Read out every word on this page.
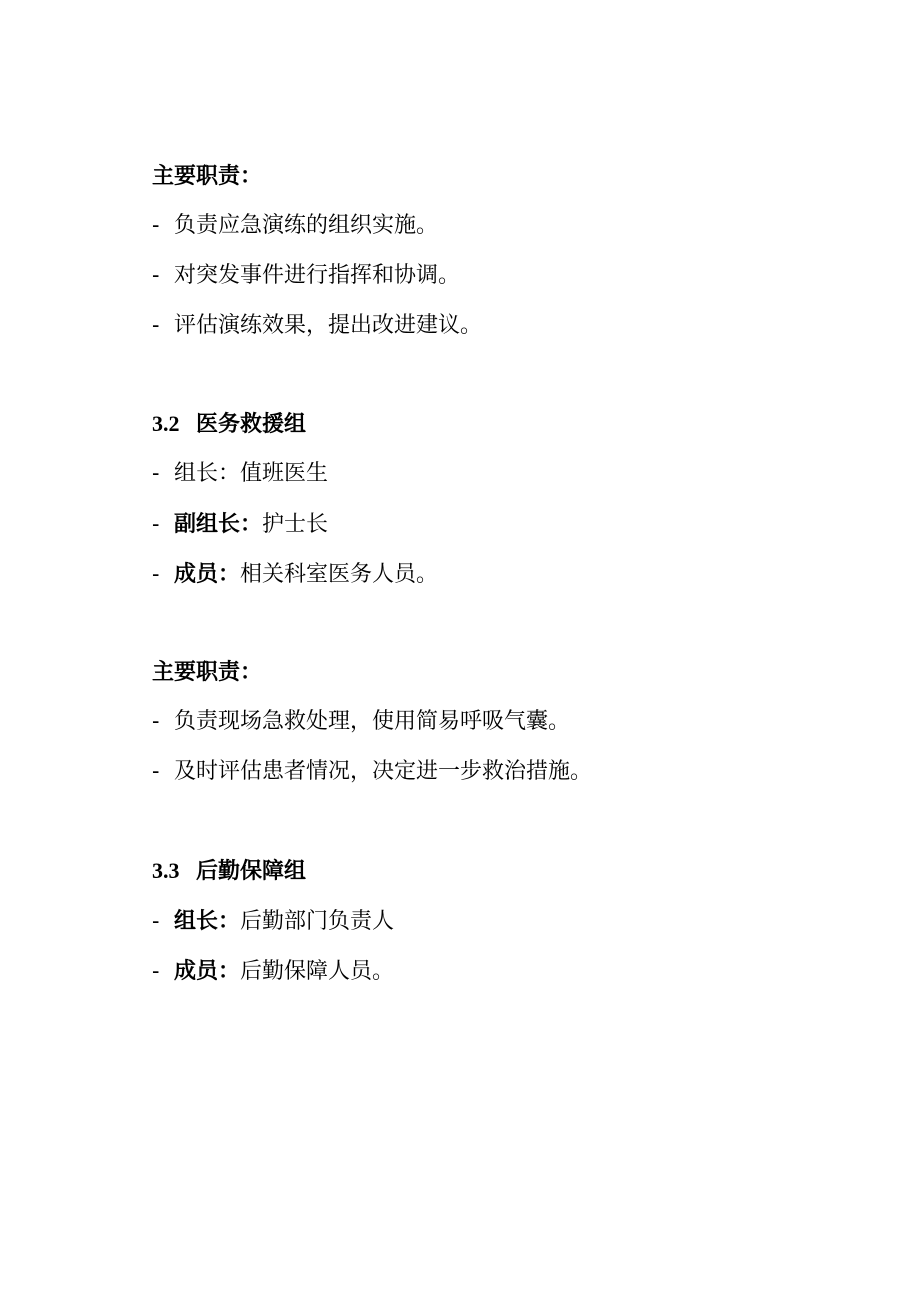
主要职责：
- 负责应急演练的组织实施。
- 对突发事件进行指挥和协调。
- 评估演练效果，提出改进建议。
3.2 医务救援组
- 组长：值班医生
- 副组长：护士长
- 成员：相关科室医务人员。
主要职责：
- 负责现场急救处理，使用简易呼吸气囊。
- 及时评估患者情况，决定进一步救治措施。
3.3 后勤保障组
- 组长：后勤部门负责人
- 成员：后勤保障人员。
